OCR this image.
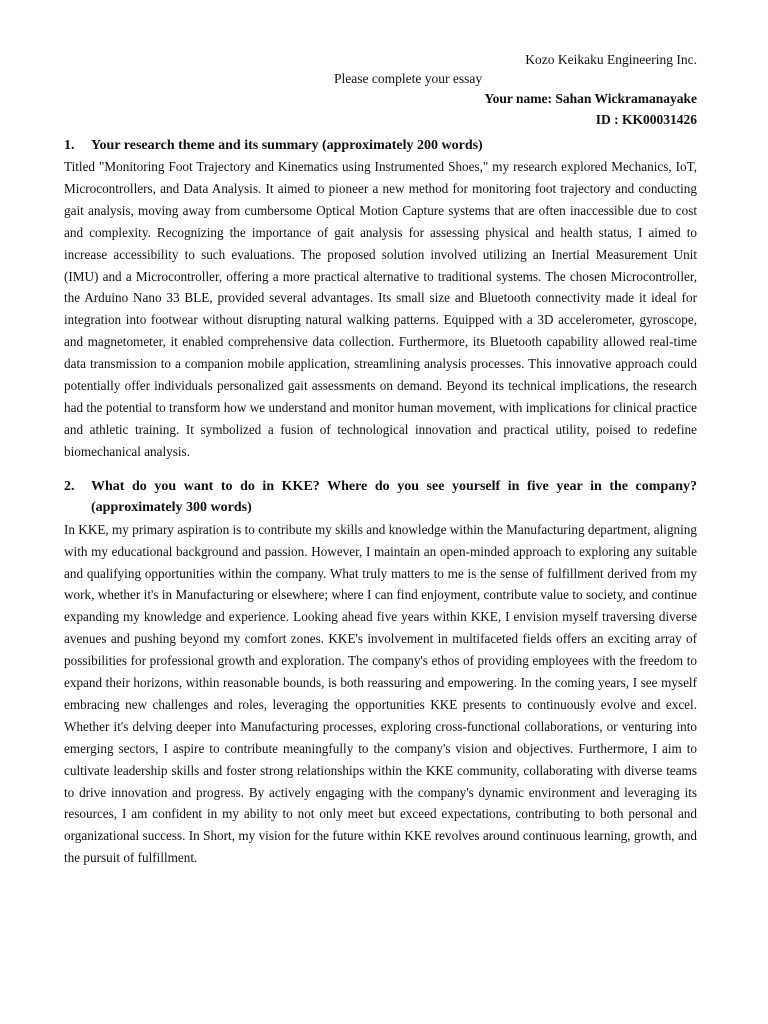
Kozo Keikaku Engineering Inc.
Please complete your essay
Your name: Sahan Wickramanayake
ID : KK00031426
1.	Your research theme and its summary (approximately 200 words)

Titled "Monitoring Foot Trajectory and Kinematics using Instrumented Shoes," my research explored Mechanics, IoT, Microcontrollers, and Data Analysis. It aimed to pioneer a new method for monitoring foot trajectory and conducting gait analysis, moving away from cumbersome Optical Motion Capture systems that are often inaccessible due to cost and complexity. Recognizing the importance of gait analysis for assessing physical and health status, I aimed to increase accessibility to such evaluations. The proposed solution involved utilizing an Inertial Measurement Unit (IMU) and a Microcontroller, offering a more practical alternative to traditional systems. The chosen Microcontroller, the Arduino Nano 33 BLE, provided several advantages. Its small size and Bluetooth connectivity made it ideal for integration into footwear without disrupting natural walking patterns. Equipped with a 3D accelerometer, gyroscope, and magnetometer, it enabled comprehensive data collection. Furthermore, its Bluetooth capability allowed real-time data transmission to a companion mobile application, streamlining analysis processes. This innovative approach could potentially offer individuals personalized gait assessments on demand. Beyond its technical implications, the research had the potential to transform how we understand and monitor human movement, with implications for clinical practice and athletic training. It symbolized a fusion of technological innovation and practical utility, poised to redefine biomechanical analysis.

2.	What do you want to do in KKE? Where do you see yourself in five year in the company? (approximately 300 words)

In KKE, my primary aspiration is to contribute my skills and knowledge within the Manufacturing department, aligning with my educational background and passion. However, I maintain an open-minded approach to exploring any suitable and qualifying opportunities within the company. What truly matters to me is the sense of fulfillment derived from my work, whether it's in Manufacturing or elsewhere; where I can find enjoyment, contribute value to society, and continue expanding my knowledge and experience. Looking ahead five years within KKE, I envision myself traversing diverse avenues and pushing beyond my comfort zones. KKE's involvement in multifaceted fields offers an exciting array of possibilities for professional growth and exploration. The company's ethos of providing employees with the freedom to expand their horizons, within reasonable bounds, is both reassuring and empowering. In the coming years, I see myself embracing new challenges and roles, leveraging the opportunities KKE presents to continuously evolve and excel. Whether it's delving deeper into Manufacturing processes, exploring cross-functional collaborations, or venturing into emerging sectors, I aspire to contribute meaningfully to the company's vision and objectives. Furthermore, I aim to cultivate leadership skills and foster strong relationships within the KKE community, collaborating with diverse teams to drive innovation and progress. By actively engaging with the company's dynamic environment and leveraging its resources, I am confident in my ability to not only meet but exceed expectations, contributing to both personal and organizational success. In Short, my vision for the future within KKE revolves around continuous learning, growth, and the pursuit of fulfillment.
